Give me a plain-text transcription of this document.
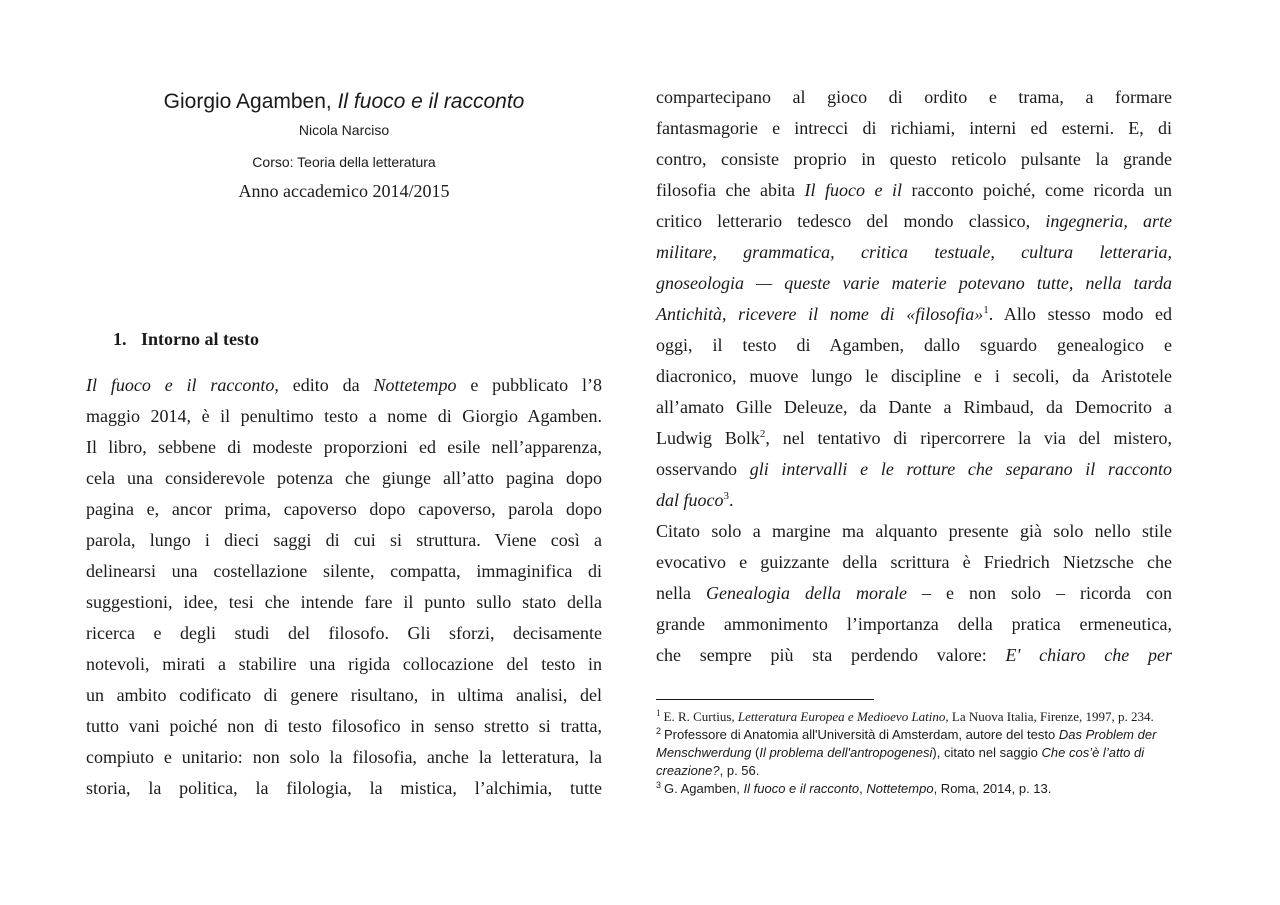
Giorgio Agamben, Il fuoco e il racconto
Nicola Narciso
Corso: Teoria della letteratura
Anno accademico 2014/2015
1. Intorno al testo
Il fuoco e il racconto, edito da Nottetempo e pubblicato l’8
maggio 2014, è il penultimo testo a nome di Giorgio Agamben.
Il libro, sebbene di modeste proporzioni ed esile nell’apparenza,
cela una considerevole potenza che giunge all’atto pagina dopo
pagina e, ancor prima, capoverso dopo capoverso, parola dopo
parola, lungo i dieci saggi di cui si struttura. Viene così a
delinearsi una costellazione silente, compatta, immaginifica di
suggestioni, idee, tesi che intende fare il punto sullo stato della
ricerca e degli studi del filosofo. Gli sforzi, decisamente
notevoli, mirati a stabilire una rigida collocazione del testo in
un ambito codificato di genere risultano, in ultima analisi, del
tutto vani poiché non di testo filosofico in senso stretto si tratta,
compiuto e unitario: non solo la filosofia, anche la letteratura, la
storia, la politica, la filologia, la mistica, l’alchimia, tutte
compartecipano al gioco di ordito e trama, a formare
fantasmagorie e intrecci di richiami, interni ed esterni. E, di
contro, consiste proprio in questo reticolo pulsante la grande
filosofia che abita Il fuoco e il racconto poiché, come ricorda un
critico letterario tedesco del mondo classico, ingegneria, arte
militare, grammatica, critica testuale, cultura letteraria,
gnoseologia — queste varie materie potevano tutte, nella tarda
Antichità, ricevere il nome di «filosofia»$^1$. Allo stesso modo ed
oggi, il testo di Agamben, dallo sguardo genealogico e
diacronico, muove lungo le discipline e i secoli, da Aristotele
all’amato Gille Deleuze, da Dante a Rimbaud, da Democrito a
Ludwig Bolk$^2$, nel tentativo di ripercorrere la via del mistero,
osservando gli intervalli e le rotture che separano il racconto
dal fuoco$^3$.
Citato solo a margine ma alquanto presente già solo nello stile
evocativo e guizzante della scrittura è Friedrich Nietzsche che
nella Genealogia della morale – e non solo – ricorda con
grande ammonimento l’importanza della pratica ermeneutica,
che sempre più sta perdendo valore: E' chiaro che per
$^1$ E. R. Curtius, Letteratura Europea e Medioevo Latino, La Nuova Italia, Firenze, 1997, p. 234.
$^2$ Professore di Anatomia all'Università di Amsterdam, autore del testo Das Problem der Menschwerdung (Il problema dell'antropogenesi), citato nel saggio Che cos’è l’atto di creazione?, p. 56.
$^3$ G. Agamben, Il fuoco e il racconto, Nottetempo, Roma, 2014, p. 13.
